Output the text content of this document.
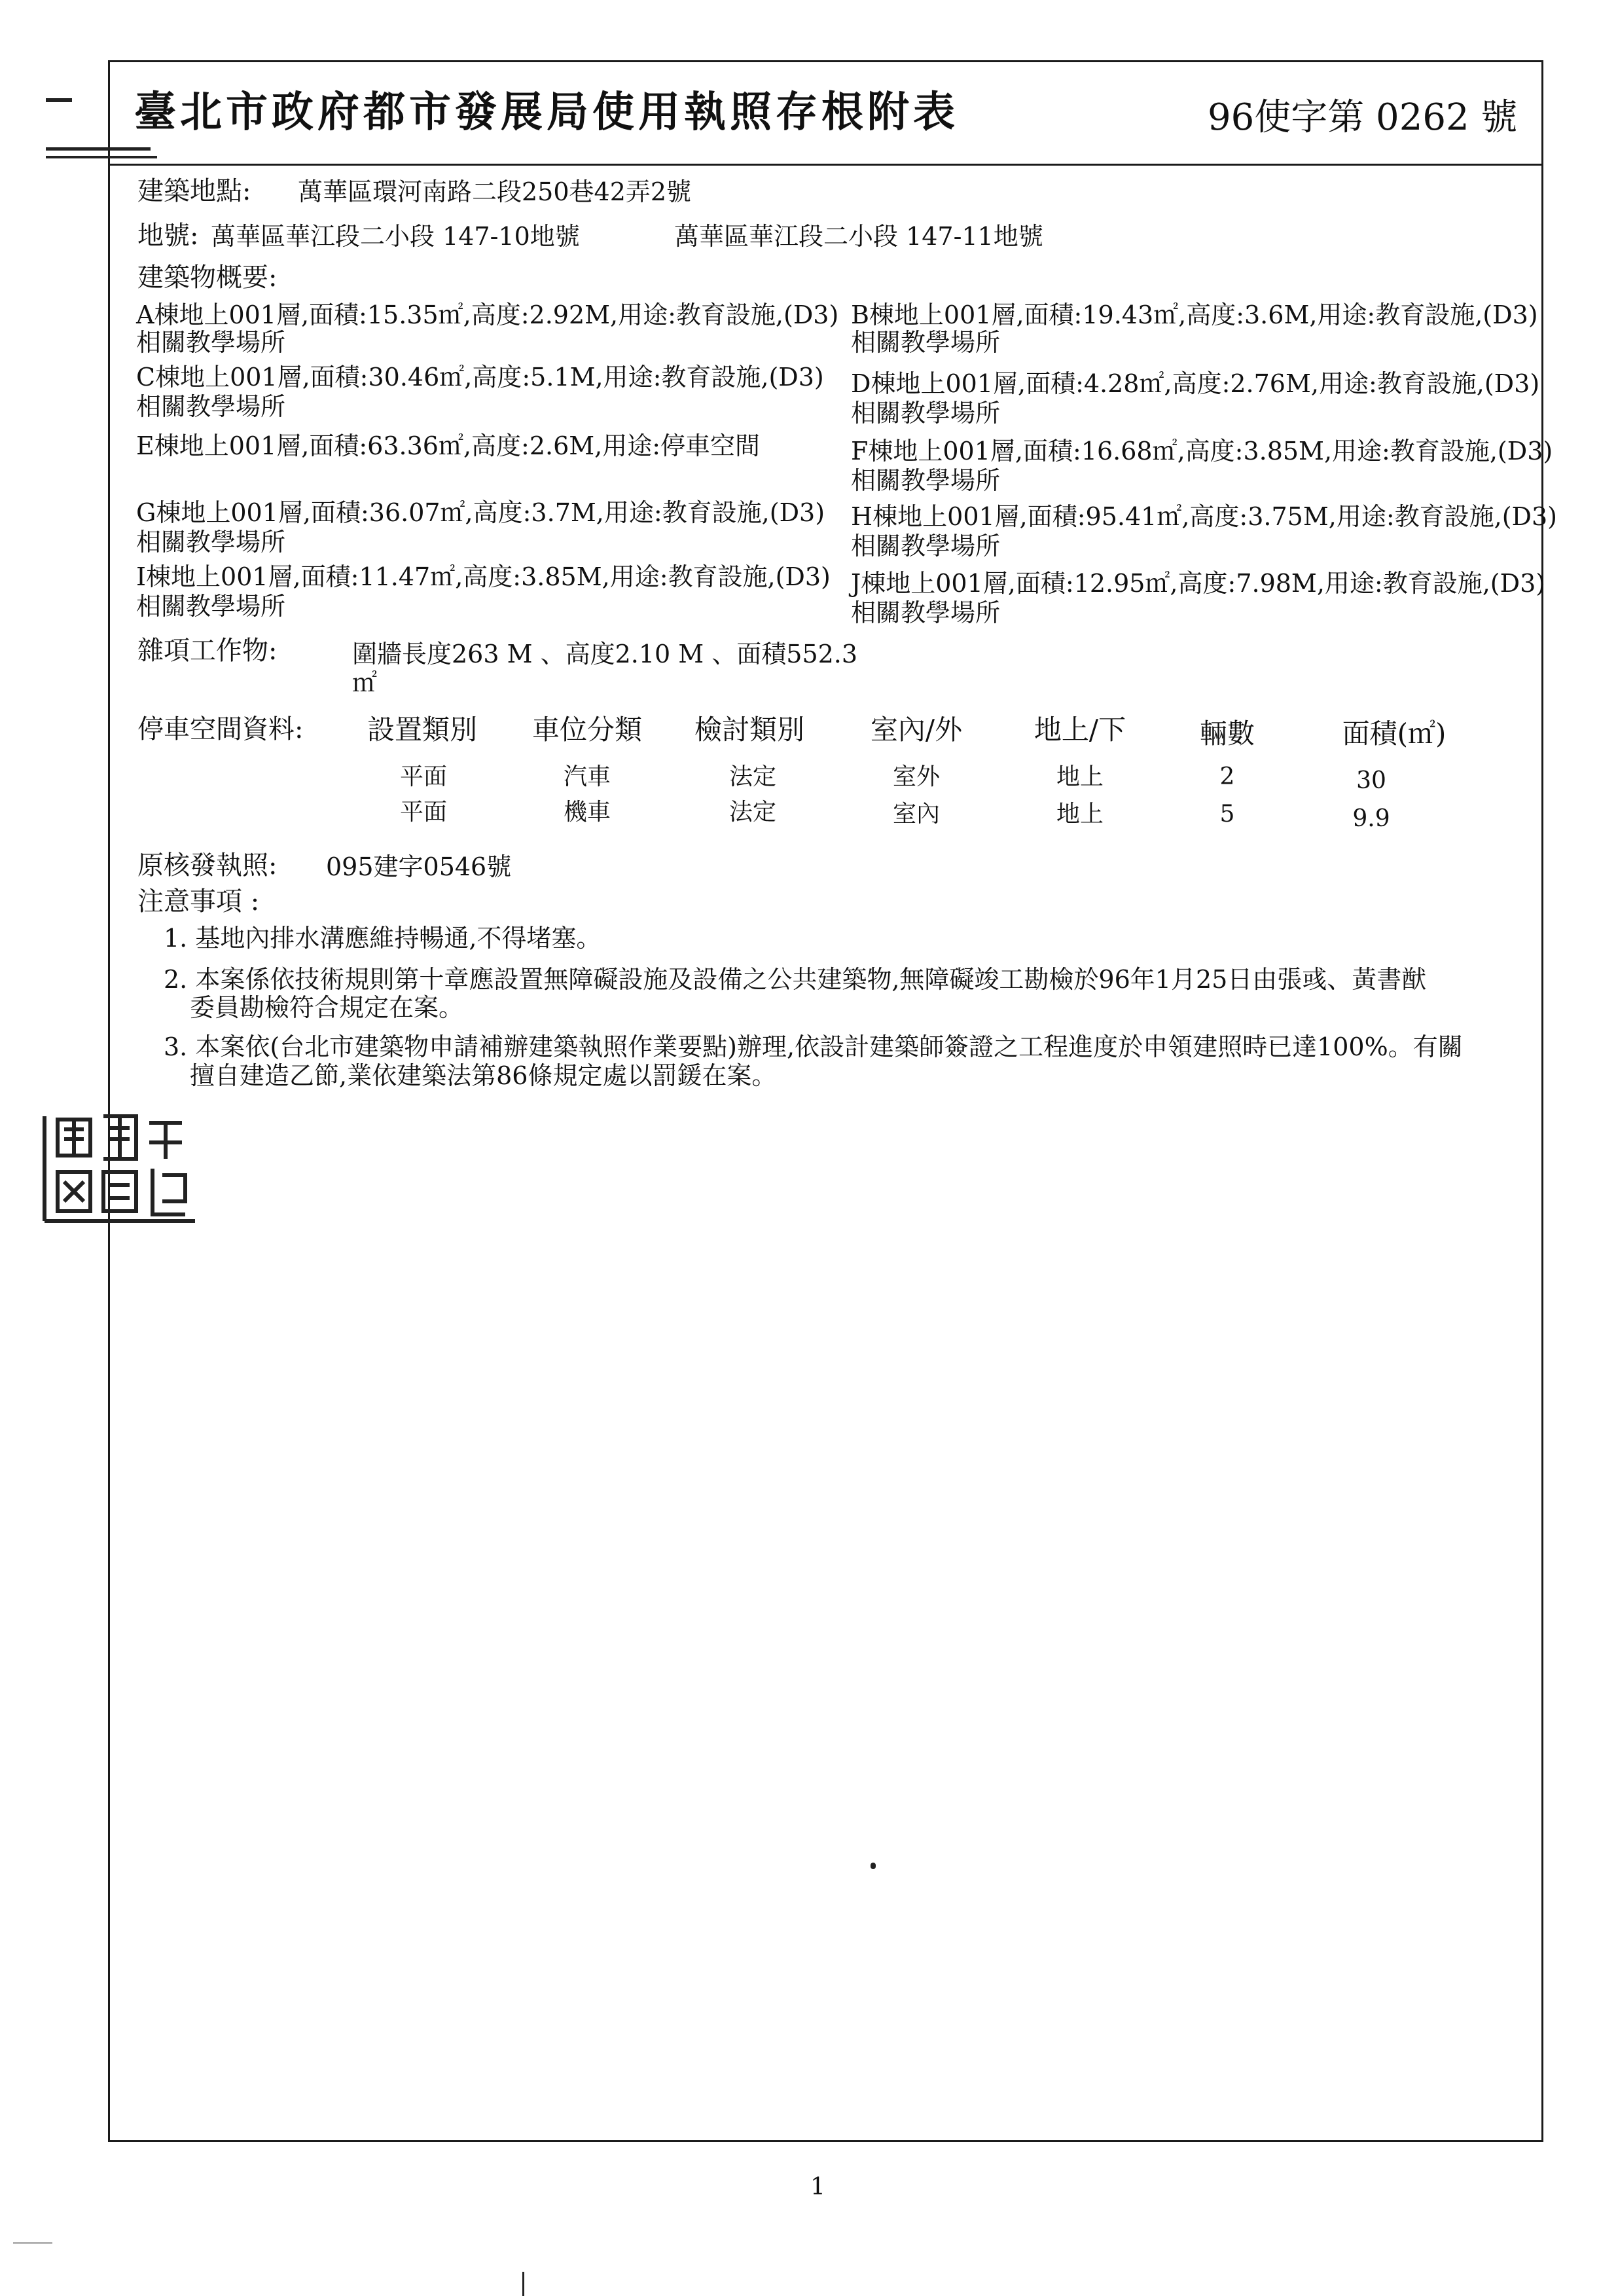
臺北市政府都市發展局使用執照存根附表	96使字第 0262 號
建築地點: 萬華區環河南路二段250巷42弄2號
地號: 萬華區華江段二小段 147-10地號	萬華區華江段二小段 147-11地號
建築物概要:
A棟地上001層,面積:15.35㎡,高度:2.92M,用途:教育設施,(D3)
相關教學場所
B棟地上001層,面積:19.43㎡,高度:3.6M,用途:教育設施,(D3)
相關教學場所
C棟地上001層,面積:30.46㎡,高度:5.1M,用途:教育設施,(D3)
相關教學場所
D棟地上001層,面積:4.28㎡,高度:2.76M,用途:教育設施,(D3)
相關教學場所
E棟地上001層,面積:63.36㎡,高度:2.6M,用途:停車空間	F棟地上001層,面積:16.68㎡,高度:3.85M,用途:教育設施,(D3)
相關教學場所
G棟地上001層,面積:36.07㎡,高度:3.7M,用途:教育設施,(D3)
相關教學場所
H棟地上001層,面積:95.41㎡,高度:3.75M,用途:教育設施,(D3)
相關教學場所
I棟地上001層,面積:11.47㎡,高度:3.85M,用途:教育設施,(D3)
相關教學場所
J棟地上001層,面積:12.95㎡,高度:7.98M,用途:教育設施,(D3)
相關教學場所
雜項工作物:	圍牆長度263 M 、高度2.10 M 、面積552.3
㎡
停車空間資料:	設置類別	車位分類	檢討類別	室內/外	地上/下	輛數	面積(㎡)
平面	汽車	法定	室外	地上	2	30
平面	機車	法定	室內	地上	5	9.9
原核發執照: 095建字0546號
注意事項 :
1. 基地內排水溝應維持暢通,不得堵塞。
2. 本案係依技術規則第十章應設置無障礙設施及設備之公共建築物,無障礙竣工勘檢於96年1月25日由張彧、黃書猷
委員勘檢符合規定在案。
3. 本案依(台北市建築物申請補辦建築執照作業要點)辦理,依設計建築師簽證之工程進度於申領建照時已達100%。有關
擅自建造乙節,業依建築法第86條規定處以罰鍰在案。
1
